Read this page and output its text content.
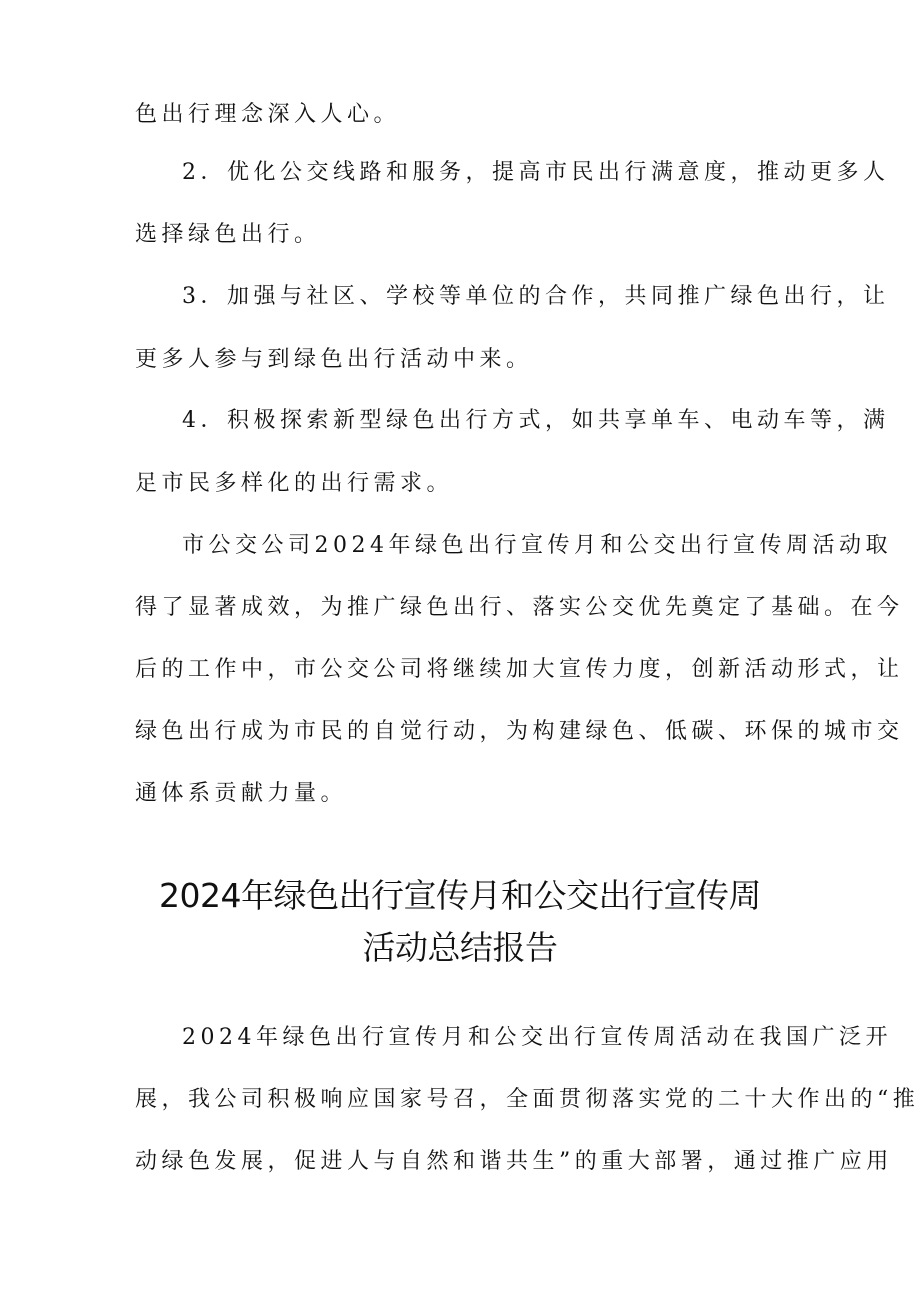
色出行理念深入人心。
2．优化公交线路和服务，提高市民出行满意度，推动更多人
选择绿色出行。
3．加强与社区、学校等单位的合作，共同推广绿色出行，让
更多人参与到绿色出行活动中来。
4．积极探索新型绿色出行方式，如共享单车、电动车等，满
足市民多样化的出行需求。
市公交公司2024年绿色出行宣传月和公交出行宣传周活动取
得了显著成效，为推广绿色出行、落实公交优先奠定了基础。在今
后的工作中，市公交公司将继续加大宣传力度，创新活动形式，让
绿色出行成为市民的自觉行动，为构建绿色、低碳、环保的城市交
通体系贡献力量。
2024年绿色出行宣传月和公交出行宣传周
活动总结报告
2024年绿色出行宣传月和公交出行宣传周活动在我国广泛开
展，我公司积极响应国家号召，全面贯彻落实党的二十大作出的“推
动绿色发展，促进人与自然和谐共生”的重大部署，通过推广应用
